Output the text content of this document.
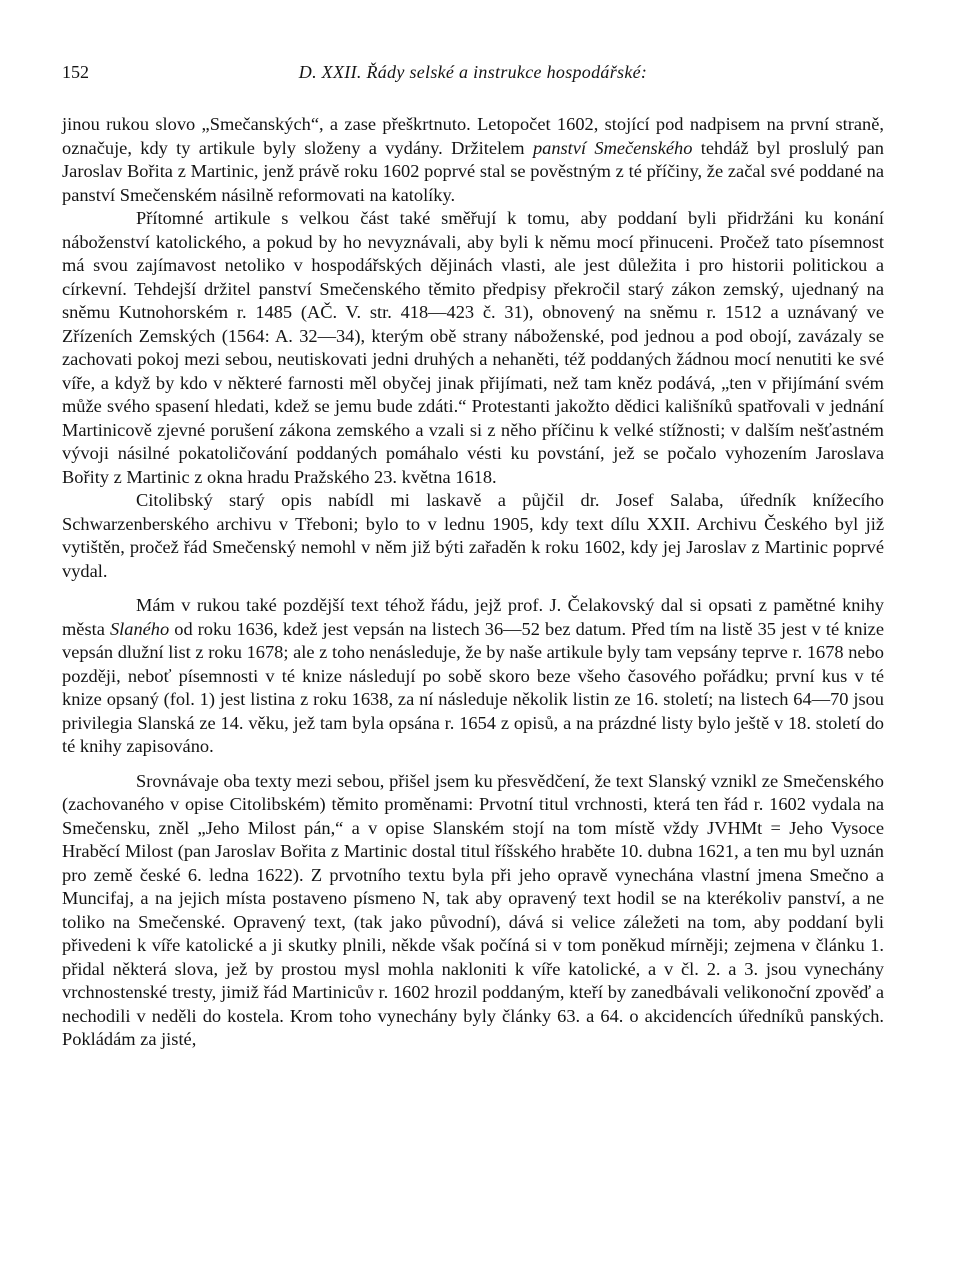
152	D. XXII. Řády selské a instrukce hospodářské:

jinou rukou slovo „Smečanských“, a zase přeškrtnuto. Letopočet 1602, stojící pod nadpisem na první straně, označuje, kdy ty artikule byly složeny a vydány. Držitelem panství Smečenského tehdáž byl proslulý pan Jaroslav Bořita z Martinic, jenž právě roku 1602 poprvé stal se pověstným z té příčiny, že začal své poddané na panství Smečenském násilně reformovati na katolíky.

Přítomné artikule s velkou část také směřují k tomu, aby poddaní byli přidržáni ku konání náboženství katolického, a pokud by ho nevyznávali, aby byli k němu mocí přinuceni. Pročež tato písemnost má svou zajímavost netoliko v hospodářských dějinách vlasti, ale jest důležita i pro historii politickou a církevní. Tehdejší držitel panství Smečenského těmito předpisy překročil starý zákon zemský, ujednaný na sněmu Kutnohorském r. 1485 (AČ. V. str. 418—423 č. 31), obnovený na sněmu r. 1512 a uznávaný ve Zřízeních Zemských (1564: A. 32—34), kterým obě strany náboženské, pod jednou a pod obojí, zavázaly se zachovati pokoj mezi sebou, neutiskovati jedni druhých a nehaněti, též poddaných žádnou mocí nenutiti ke své víře, a když by kdo v některé farnosti měl obyčej jinak přijímati, než tam kněz podává, „ten v přijímání svém může svého spasení hledati, kdež se jemu bude zdáti.“ Protestanti jakožto dědici kališníků spatřovali v jednání Martinicově zjevné porušení zákona zemského a vzali si z něho příčinu k velké stížnosti; v dalším nešťastném vývoji násilné pokatoličování poddaných pomáhalo vésti ku povstání, jež se počalo vyhozením Jaroslava Bořity z Martinic z okna hradu Pražského 23. května 1618.

Citolibský starý opis nabídl mi laskavě a půjčil dr. Josef Salaba, úředník knížecího Schwarzenberského archivu v Třeboni; bylo to v lednu 1905, kdy text dílu XXII. Archivu Českého byl již vytištěn, pročež řád Smečenský nemohl v něm již býti zařaděn k roku 1602, kdy jej Jaroslav z Martinic poprvé vydal.

Mám v rukou také pozdější text téhož řádu, jejž prof. J. Čelakovský dal si opsati z pamětné knihy města Slaného od roku 1636, kdež jest vepsán na listech 36—52 bez datum. Před tím na listě 35 jest v té knize vepsán dlužní list z roku 1678; ale z toho nenásleduje, že by naše artikule byly tam vepsány teprve r. 1678 nebo později, neboť písemnosti v té knize následují po sobě skoro beze všeho časového pořádku; první kus v té knize opsaný (fol. 1) jest listina z roku 1638, za ní následuje několik listin ze 16. století; na listech 64—70 jsou privilegia Slanská ze 14. věku, jež tam byla opsána r. 1654 z opisů, a na prázdné listy bylo ještě v 18. století do té knihy zapisováno.

Srovnávaje oba texty mezi sebou, přišel jsem ku přesvědčení, že text Slanský vznikl ze Smečenského (zachovaného v opise Citolibském) těmito proměnami: Prvotní titul vrchnosti, která ten řád r. 1602 vydala na Smečensku, zněl „Jeho Milost pán,“ a v opise Slanském stojí na tom místě vždy JVHMt = Jeho Vysoce Hraběcí Milost (pan Jaroslav Bořita z Martinic dostal titul říšského hraběte 10. dubna 1621, a ten mu byl uznán pro země české 6. ledna 1622). Z prvotního textu byla při jeho opravě vynechána vlastní jmena Smečno a Muncifaj, a na jejich místa postaveno písmeno N, tak aby opravený text hodil se na kterékoliv panství, a ne toliko na Smečenské. Opravený text, (tak jako původní), dává si velice záležeti na tom, aby poddaní byli přivedeni k víře katolické a ji skutky plnili, někde však počíná si v tom poněkud mírněji; zejmena v článku 1. přidal některá slova, jež by prostou mysl mohla nakloniti k víře katolické, a v čl. 2. a 3. jsou vynechány vrchnostenské tresty, jimiž řád Martinicův r. 1602 hrozil poddaným, kteří by zanedbávali velikonoční zpověď a nechodili v neděli do kostela. Krom toho vynechány byly články 63. a 64. o akcidencích úředníků panských. Pokládám za jisté,
